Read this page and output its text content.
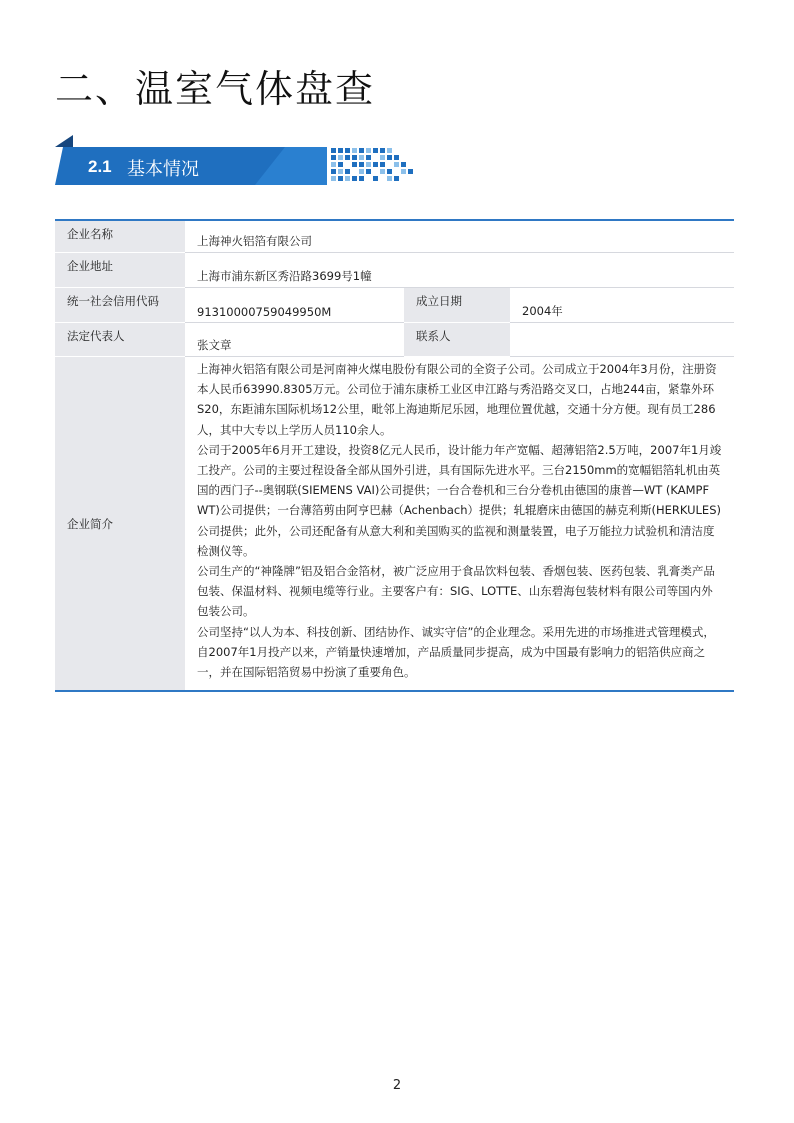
二、温室气体盘查
2.1 基本情况
企业名称	上海神火铝箔有限公司		
企业地址	上海市浦东新区秀沿路3699号1幢		
统一社会信用代码	91310000759049950M	成立日期	2004年
法定代表人	张文章	联系人	
企业简介	上海神火铝箔有限公司是河南神火煤电股份有限公司的全资子公司。公司成立于2004年3月份，注册资本人民币63990.8305万元。公司位于浦东康桥工业区申江路与秀沿路交叉口，占地244亩，紧靠外环S20，东距浦东国际机场12公里，毗邻上海迪斯尼乐园，地理位置优越，交通十分方便。现有员工286人，其中大专以上学历人员110余人。

公司于2005年6月开工建设，投资8亿元人民币，设计能力年产宽幅、超薄铝箔2.5万吨，2007年1月竣工投产。公司的主要过程设备全部从国外引进，具有国际先进水平。三台2150mm的宽幅铝箔轧机由英国的西门子--奥钢联(SIEMENS VAI)公司提供；一台合卷机和三台分卷机由德国的康普—WT (KAMPF WT)公司提供；一台薄箔剪由阿亨巴赫（Achenbach）提供；轧辊磨床由德国的赫克利斯(HERKULES)公司提供；此外，公司还配备有从意大利和美国购买的监视和测量装置，电子万能拉力试验机和清洁度检测仪等。

公司生产的“神隆牌”铝及铝合金箔材，被广泛应用于食品饮料包装、香烟包装、医药包装、乳膏类产品包装、保温材料、视频电缆等行业。主要客户有：SIG、LOTTE、山东碧海包装材料有限公司等国内外包装公司。

公司坚持“以人为本、科技创新、团结协作、诚实守信”的企业理念。采用先进的市场推进式管理模式，自2007年1月投产以来，产销量快速增加，产品质量同步提高，成为中国最有影响力的铝箔供应商之一，并在国际铝箔贸易中扮演了重要角色。		

2
